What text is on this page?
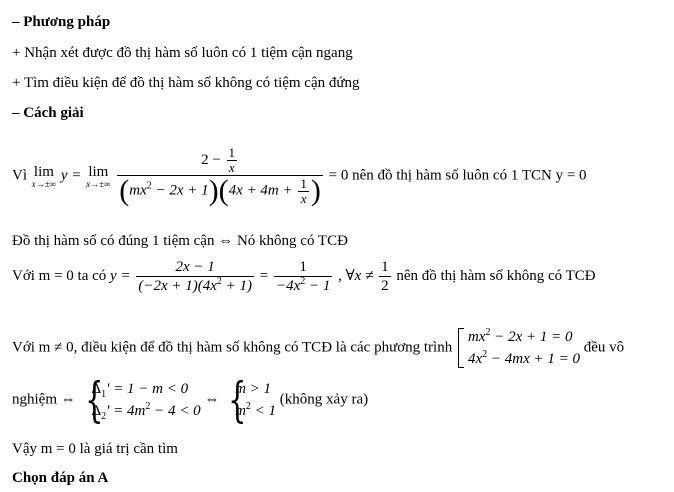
– Phương pháp
+ Nhận xét được đồ thị hàm số luôn có 1 tiệm cận ngang
+ Tìm điều kiện để đồ thị hàm số không có tiệm cận đứng
– Cách giải
Vì lim
x→±∞
y = lim
x→±∞
$\frac{2 - \frac{1}{x}}{(mx^2 - 2x + 1)(4x + 4m + \frac{1}{x} )} = 0$ nên đồ thị hàm số luôn có 1 TCN y = 0
Đồ thị hàm số có đúng 1 tiệm cận ⇔ Nó không có TCĐ
Với m = 0 ta có $y = \frac{2x - 1}{(-2x + 1)(4x^2 + 1)} = \frac{1}{-4x^2 - 1}$ , ∀x ≠ $\frac{1}{2}$ nên đồ thị hàm số không có TCĐ
Với m ≠ 0, điều kiện để đồ thị hàm số không có TCĐ là các phương trình
$mx^2 - 2x + 1 = 0$
$4x^2 - 4mx + 1 = 0$
đều vô
nghiệm ⇔
{ $\Delta_1' = 1 - m < 0$
$\Delta_2' = 4m^2 - 4 < 0$
⇔
{ m > 1
$m^2 < 1$
(không xảy ra)
Vậy m = 0 là giá trị cần tìm
Chọn đáp án A
